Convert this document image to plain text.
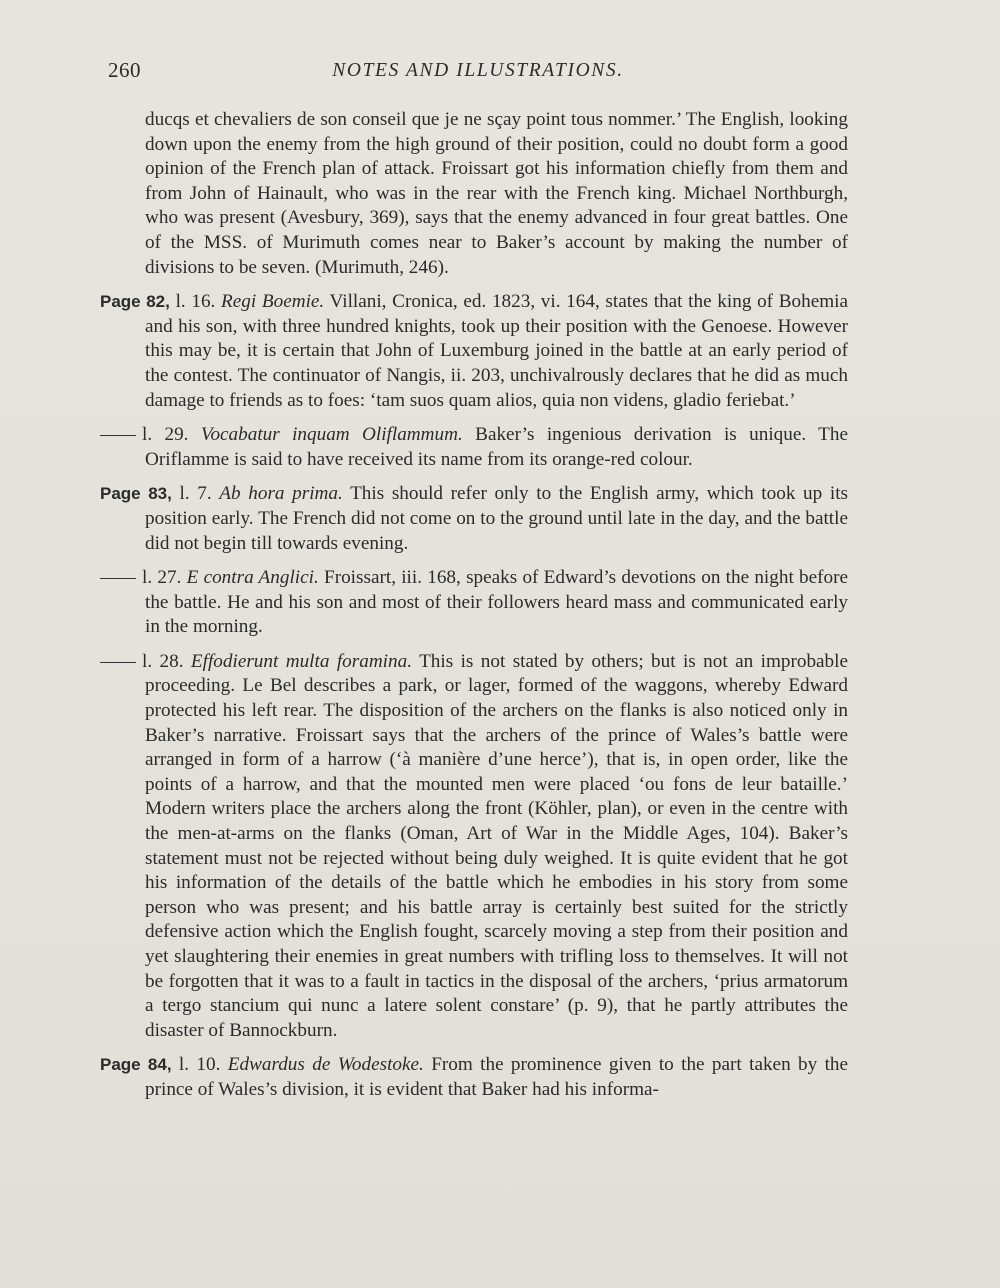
260	NOTES AND ILLUSTRATIONS.

ducqs et chevaliers de son conseil que je ne sçay point tous nommer.’ The English, looking down upon the enemy from the high ground of their position, could no doubt form a good opinion of the French plan of attack. Froissart got his information chiefly from them and from John of Hainault, who was in the rear with the French king. Michael Northburgh, who was present (Avesbury, 369), says that the enemy advanced in four great battles. One of the MSS. of Murimuth comes near to Baker’s account by making the number of divisions to be seven. (Murimuth, 246).

Page 82, l. 16. Regi Boemie. Villani, Cronica, ed. 1823, vi. 164, states that the king of Bohemia and his son, with three hundred knights, took up their position with the Genoese. However this may be, it is certain that John of Luxemburg joined in the battle at an early period of the contest. The continuator of Nangis, ii. 203, unchivalrously declares that he did as much damage to friends as to foes: ‘tam suos quam alios, quia non videns, gladio feriebat.’

l. 29. Vocabatur inquam Oliflammum. Baker’s ingenious derivation is unique. The Oriflamme is said to have received its name from its orange-red colour.

Page 83, l. 7. Ab hora prima. This should refer only to the English army, which took up its position early. The French did not come on to the ground until late in the day, and the battle did not begin till towards evening.

l. 27. E contra Anglici. Froissart, iii. 168, speaks of Edward’s devotions on the night before the battle. He and his son and most of their followers heard mass and communicated early in the morning.

l. 28. Effodierunt multa foramina. This is not stated by others; but is not an improbable proceeding. Le Bel describes a park, or lager, formed of the waggons, whereby Edward protected his left rear. The disposition of the archers on the flanks is also noticed only in Baker’s narrative. Froissart says that the archers of the prince of Wales’s battle were arranged in form of a harrow (‘à manière d’une herce’), that is, in open order, like the points of a harrow, and that the mounted men were placed ‘ou fons de leur bataille.’ Modern writers place the archers along the front (Köhler, plan), or even in the centre with the men-at-arms on the flanks (Oman, Art of War in the Middle Ages, 104). Baker’s statement must not be rejected without being duly weighed. It is quite evident that he got his information of the details of the battle which he embodies in his story from some person who was present; and his battle array is certainly best suited for the strictly defensive action which the English fought, scarcely moving a step from their position and yet slaughtering their enemies in great numbers with trifling loss to themselves. It will not be forgotten that it was to a fault in tactics in the disposal of the archers, ‘prius armatorum a tergo stancium qui nunc a latere solent constare’ (p. 9), that he partly attributes the disaster of Bannockburn.

Page 84, l. 10. Edwardus de Wodestoke. From the prominence given to the part taken by the prince of Wales’s division, it is evident that Baker had his informa-
